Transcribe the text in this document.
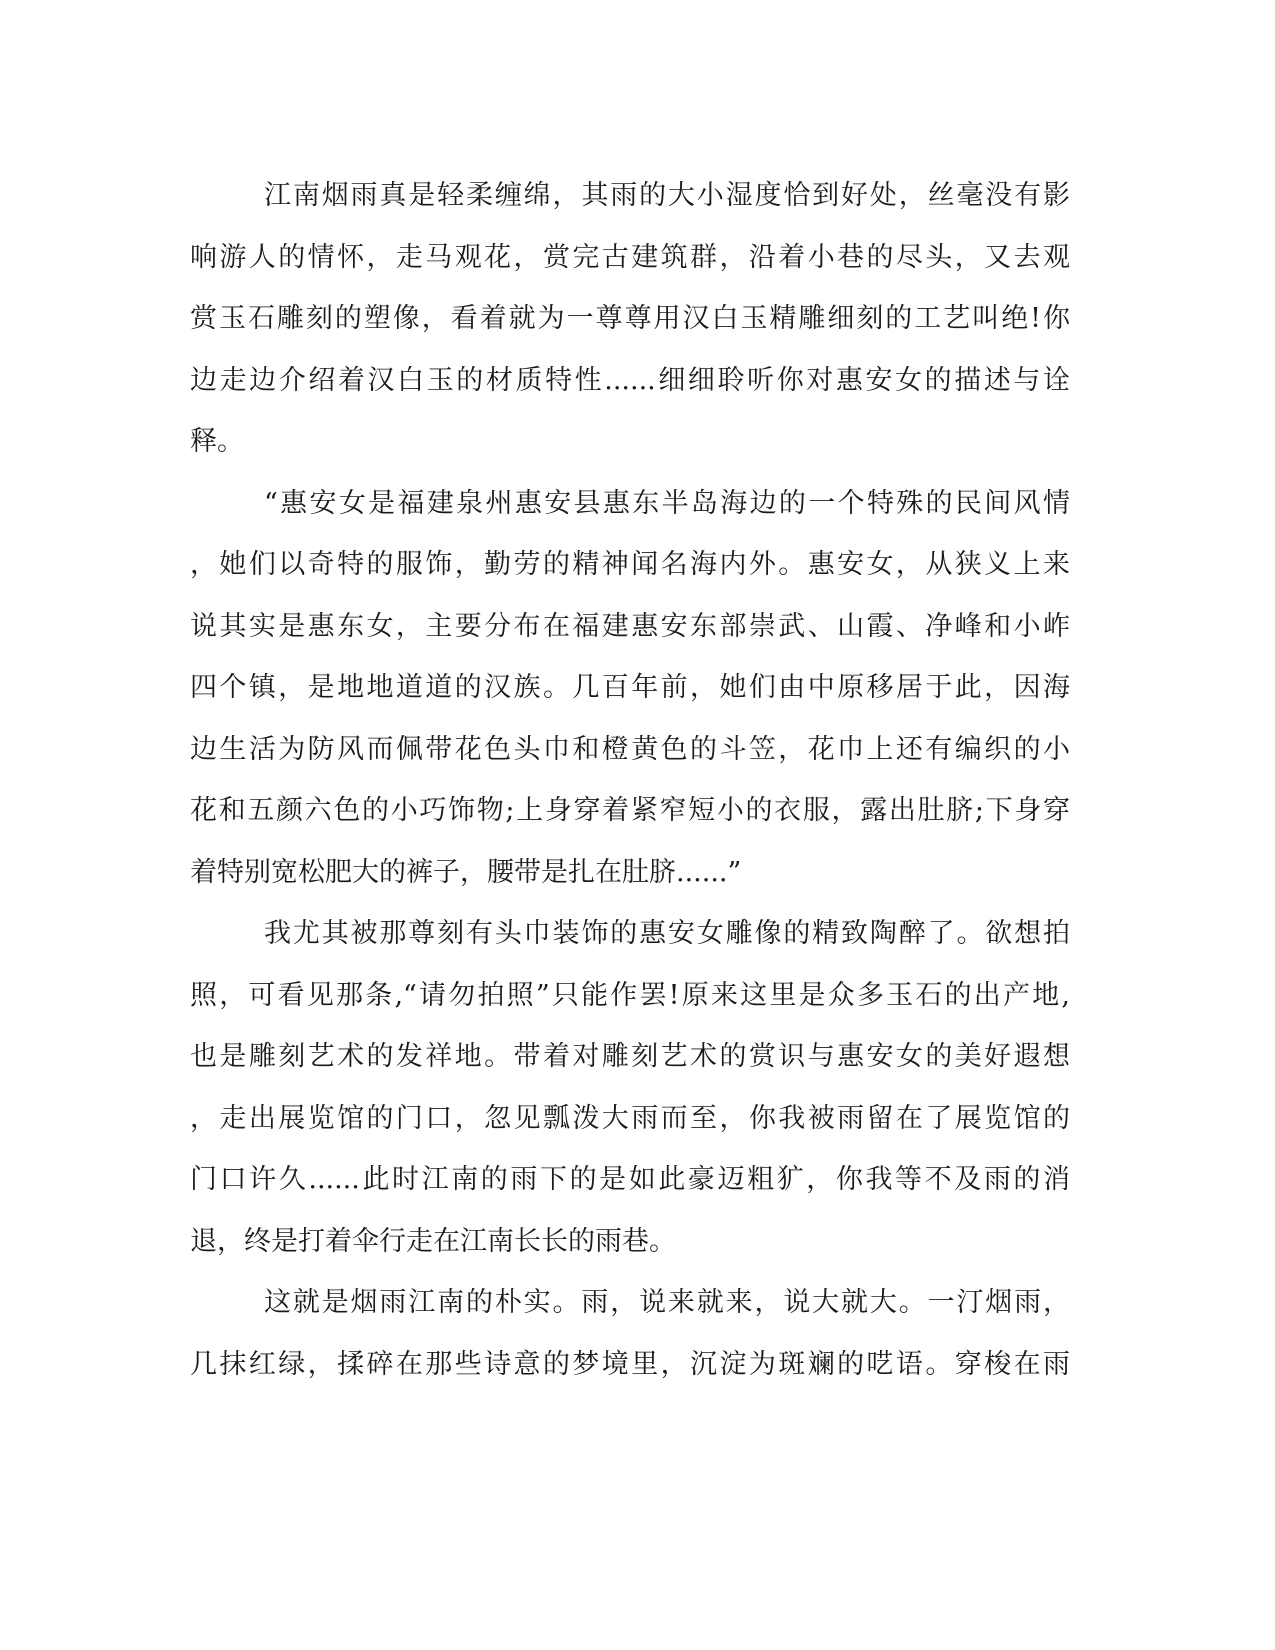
江南烟雨真是轻柔缠绵，其雨的大小湿度恰到好处，丝毫没有影
响游人的情怀，走马观花，赏完古建筑群，沿着小巷的尽头，又去观
赏玉石雕刻的塑像，看着就为一尊尊用汉白玉精雕细刻的工艺叫绝!你
边走边介绍着汉白玉的材质特性......细细聆听你对惠安女的描述与诠
释。
“惠安女是福建泉州惠安县惠东半岛海边的一个特殊的民间风情
，她们以奇特的服饰，勤劳的精神闻名海内外。惠安女，从狭义上来
说其实是惠东女，主要分布在福建惠安东部崇武、山霞、净峰和小岞
四个镇，是地地道道的汉族。几百年前，她们由中原移居于此，因海
边生活为防风而佩带花色头巾和橙黄色的斗笠，花巾上还有编织的小
花和五颜六色的小巧饰物;上身穿着紧窄短小的衣服，露出肚脐;下身穿
着特别宽松肥大的裤子，腰带是扎在肚脐......”
我尤其被那尊刻有头巾装饰的惠安女雕像的精致陶醉了。欲想拍
照，可看见那条,“请勿拍照”只能作罢!原来这里是众多玉石的出产地,
也是雕刻艺术的发祥地。带着对雕刻艺术的赏识与惠安女的美好遐想
，走出展览馆的门口，忽见瓢泼大雨而至，你我被雨留在了展览馆的
门口许久......此时江南的雨下的是如此豪迈粗犷，你我等不及雨的消
退，终是打着伞行走在江南长长的雨巷。
这就是烟雨江南的朴实。雨，说来就来，说大就大。一汀烟雨，
几抹红绿，揉碎在那些诗意的梦境里，沉淀为斑斓的呓语。穿梭在雨
